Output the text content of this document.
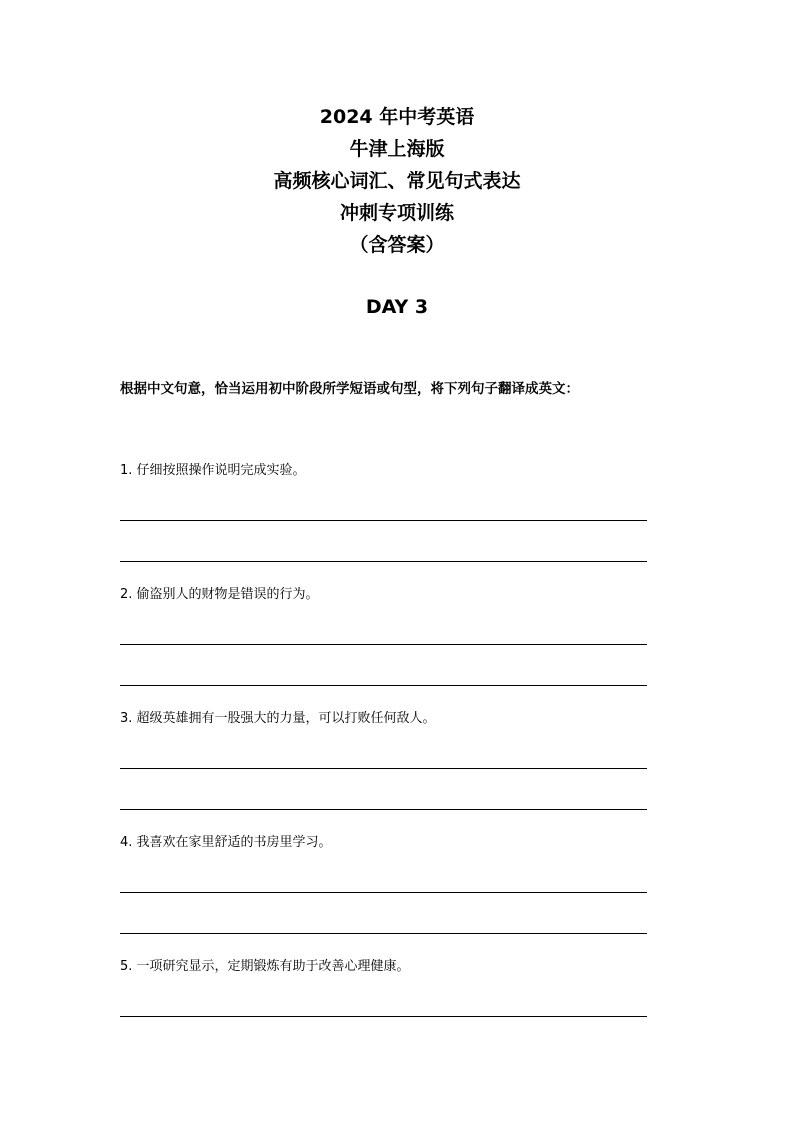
2024 年中考英语
牛津上海版
高频核心词汇、常见句式表达
冲刺专项训练
（含答案）
DAY 3
根据中文句意，恰当运用初中阶段所学短语或句型，将下列句子翻译成英文：
1. 仔细按照操作说明完成实验。
2. 偷盗别人的财物是错误的行为。
3. 超级英雄拥有一股强大的力量，可以打败任何敌人。
4. 我喜欢在家里舒适的书房里学习。
5. 一项研究显示，定期锻炼有助于改善心理健康。
